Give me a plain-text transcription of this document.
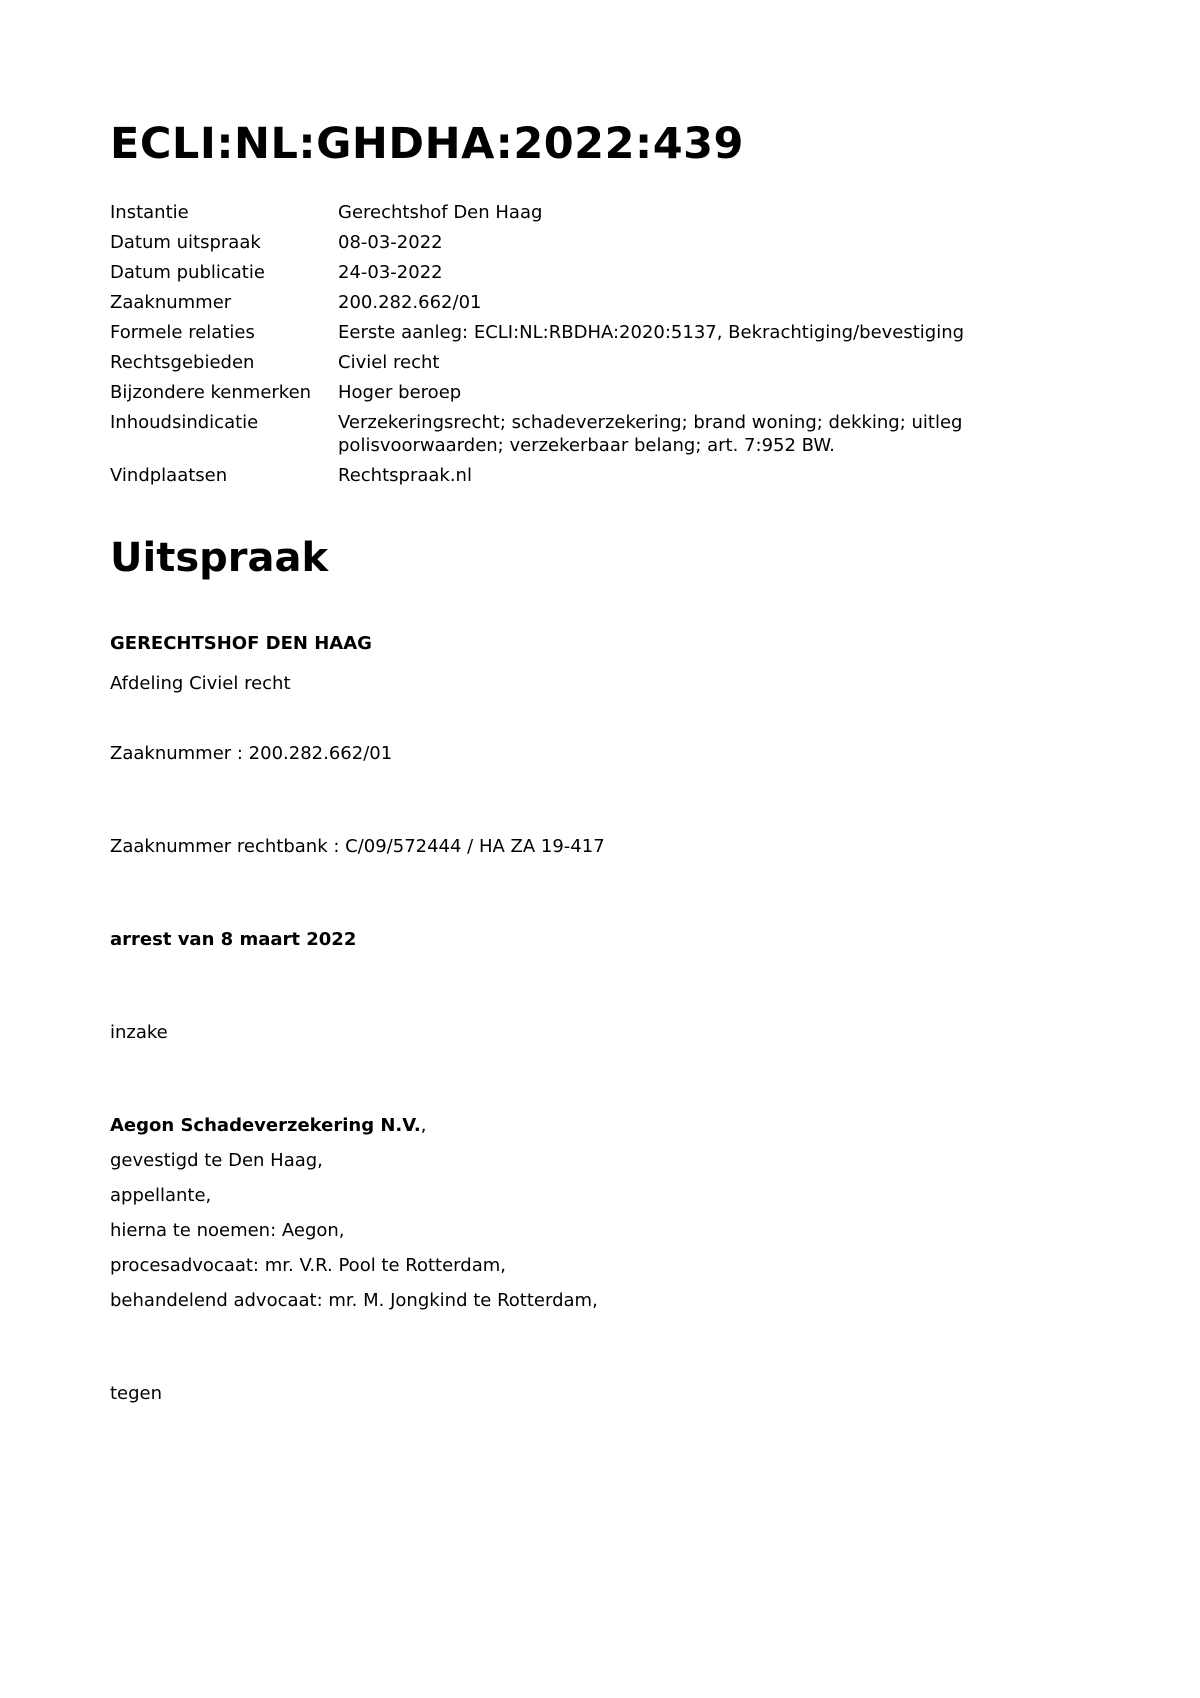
ECLI:NL:GHDHA:2022:439
Instantie	Gerechtshof Den Haag
Datum uitspraak	08-03-2022
Datum publicatie	24-03-2022
Zaaknummer	200.282.662/01
Formele relaties	Eerste aanleg: ECLI:NL:RBDHA:2020:5137, Bekrachtiging/bevestiging
Rechtsgebieden	Civiel recht
Bijzondere kenmerken	Hoger beroep
Inhoudsindicatie	Verzekeringsrecht; schadeverzekering; brand woning; dekking; uitleg
polisvoorwaarden; verzekerbaar belang; art. 7:952 BW.

Vindplaatsen	Rechtspraak.nl
Uitspraak
GERECHTSHOF DEN HAAG
Afdeling Civiel recht
Zaaknummer : 200.282.662/01
Zaaknummer rechtbank : C/09/572444 / HA ZA 19-417
arrest van 8 maart 2022
inzake
Aegon Schadeverzekering N.V.,
gevestigd te Den Haag,
appellante,
hierna te noemen: Aegon,
procesadvocaat: mr. V.R. Pool te Rotterdam,
behandelend advocaat: mr. M. Jongkind te Rotterdam,
tegen
